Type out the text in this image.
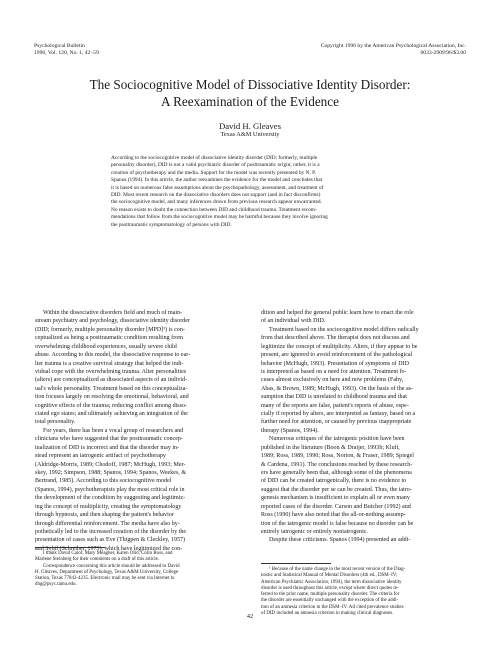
Psychological Bulletin
1996, Vol. 120, No. 1, 42–59
Copyright 1996 by the American Psychological Association, Inc.
0033-2909/96/$3.00
The Sociocognitive Model of Dissociative Identity Disorder:
A Reexamination of the Evidence
David H. Gleaves
Texas A&M University
According to the sociocognitive model of dissociative identity disorder (DID; formerly, multiple
personality disorder), DID is not a valid psychiatric disorder of posttraumatic origin; rather, it is a
creation of psychotherapy and the media. Support for the model was recently presented by N. P.
Spanos (1994). In this article, the author reexamines the evidence for the model and concludes that
it is based on numerous false assumptions about the psychopathology, assessment, and treatment of
DID. Most recent research on the dissociative disorders does not support (and in fact disconfirms)
the sociocognitive model, and many inferences drawn from previous research appear unwarranted.
No reason exists to doubt the connection between DID and childhood trauma. Treatment recom-
mendations that follow from the sociocognitive model may be harmful because they involve ignoring
the posttraumatic symptomatology of persons with DID.
Within the dissociative disorders field and much of main-
stream psychiatry and psychology, dissociative identity disorder
(DID; formerly, multiple personality disorder [MPD]¹) is con-
ceptualized as being a posttraumatic condition resulting from
overwhelming childhood experiences, usually severe child
abuse. According to this model, the dissociative response to ear-
lier trauma is a creative survival strategy that helped the indi-
vidual cope with the overwhelming trauma. Alter personalities
(alters) are conceptualized as dissociated aspects of an individ-
ual's whole personality. Treatment based on this conceptualiza-
tion focuses largely on resolving the emotional, behavioral, and
cognitive effects of the trauma; reducing conflict among disso-
ciated ego states; and ultimately achieving an integration of the
total personality.
For years, there has been a vocal group of researchers and
clinicians who have suggested that the posttraumatic concep-
tualization of DID is incorrect and that the disorder may in-
stead represent an iatrogenic artifact of psychotherapy
(Aldridge-Morris, 1989; Chodoff, 1987; McHugh, 1993; Mer-
skey, 1992; Simpson, 1988; Spanos, 1994; Spanos, Weekes, &
Bertrand, 1985). According to this sociocognitive model
(Spanos, 1994), psychotherapists play the most critical role in
the development of the condition by suggesting and legitimiz-
ing the concept of multiplicity, creating the symptomatology
through hypnosis, and then shaping the patient's behavior
through differential reinforcement. The media have also hy-
pothetically led to the increased creation of the disorder by the
presentation of cases such as Eve (Thigpen & Cleckley, 1957)
and Sybil (Schreiber, 1973), which have legitimized the con-
dition and helped the general public learn how to enact the role
of an individual with DID.
Treatment based on the sociocognitive model differs radically
from that described above. The therapist does not discuss and
legitimize the concept of multiplicity. Alters, if they appear to be
present, are ignored to avoid reinforcement of the pathological
behavior (McHugh, 1993). Presentation of symptoms of DID
is interpreted as based on a need for attention. Treatment fo-
cuses almost exclusively on here and now problems (Fahy,
Abas, & Brown, 1989; McHugh, 1993). On the basis of the as-
sumption that DID is unrelated to childhood trauma and that
many of the reports are false, patient's reports of abuse, espe-
cially if reported by alters, are interpreted as fantasy, based on a
further need for attention, or caused by previous inappropriate
therapy (Spanos, 1994).
Numerous critiques of the iatrogenic position have been
published in the literature (Boon & Draijer, 1993b; Kluft,
1989; Ross, 1989, 1990; Ross, Norton, & Fraser, 1989; Spiegel
& Cardena, 1991). The conclusions reached by these research-
ers have generally been that, although some of the phenomena
of DID can be created iatrogenically, there is no evidence to
suggest that the disorder per se can be created. Thus, the iatro-
genesis mechanism is insufficient to explain all or even many
reported cases of the disorder. Carson and Butcher (1992) and
Ross (1990) have also noted that the all-or-nothing assump-
tion of the iatrogenic model is false because no disorder can be
entirely iatrogenic or entirely noniatrogenic.
Despite these criticisms. Spanos (1994) presented an addi-
I thank David Calof, Mary Meagher, Karen Olio, Colin Ross, and
Marlene Steinberg for their comments on a draft of this article.
Correspondence concerning this article should be addressed to David
H. Gleaves, Department of Psychology, Texas A&M University, College
Station, Texas 77843-4235. Electronic mail may be sent via Internet to
dhg@psyc.tamu.edu.
¹ Because of the name change in the most recent version of the Diag-
nostic and Statistical Manual of Mental Disorders (4th ed., DSM–IV;
American Psychiatric Association, 1994), the term dissociative identity
disorder is used throughout this article, except where direct quotes re-
ferred to the prior name, multiple personality disorder. The criteria for
the disorder are essentially unchanged with the exception of the addi-
tion of an amnesia criterion in the DSM–IV. All cited prevalence studies
of DID included an amnesia criterion in making clinical diagnoses.
42
